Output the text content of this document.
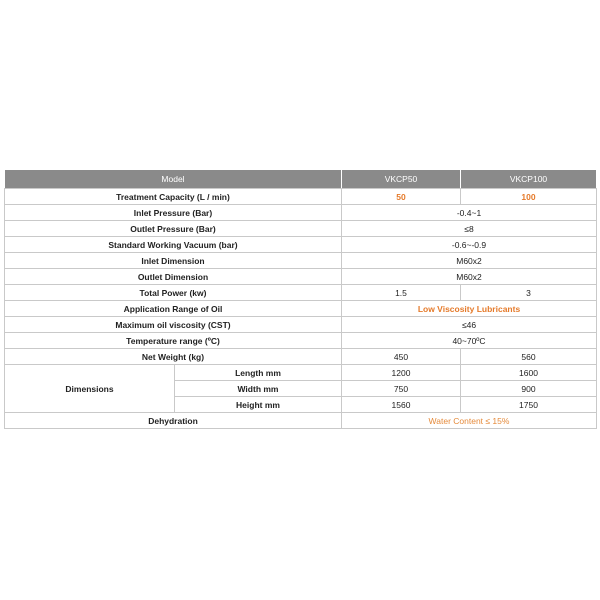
Model		VKCP50	VKCP100
Treatment Capacity (L / min)		50	100
Inlet Pressure (Bar)		-0.4~1	
Outlet Pressure (Bar)		≤8	
Standard Working Vacuum (bar)		-0.6~-0.9	
Inlet Dimension		M60x2	
Outlet Dimension		M60x2	
Total Power (kw)		1.5	3
Application Range of Oil		Low Viscosity Lubricants	
Maximum oil viscosity (CST)		≤46	
Temperature range (ºC)		40~70ºC	
Net Weight (kg)		450	560
Dimensions	Length mm	1200	1600
	Width mm	750	900
	Height mm	1560	1750
Dehydration		Water Content ≤ 15%	
